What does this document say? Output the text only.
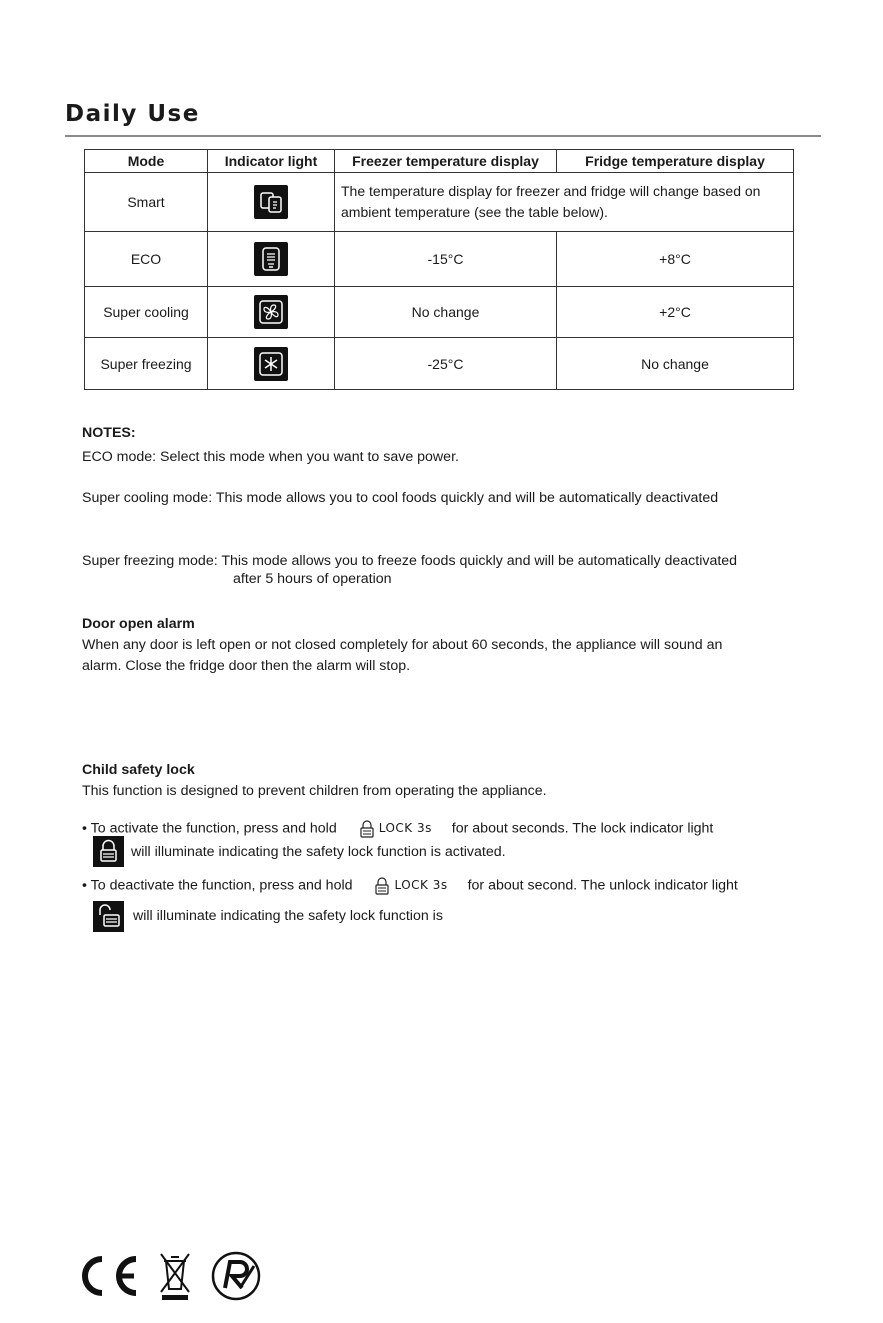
Daily Use
Mode	Indicator light	Freezer temperature display	Fridge temperature display
Smart		The temperature display for freezer and fridge will change based on ambient temperature (see the table below).	
ECO		-15°C	+8°C
Super cooling		No change	+2°C
Super freezing		-25°C	No change

NOTES:

ECO mode: Select this mode when you want to save power.

Super cooling mode: This mode allows you to cool foods quickly and will be automatically deactivated

Super freezing mode: This mode allows you to freeze foods quickly and will be automatically deactivated

after 5 hours of operation

Door open alarm

When any door is left open or not closed completely for about 60 seconds, the appliance will sound an

alarm. Close the fridge door then the alarm will stop.

Child safety lock

This function is designed to prevent children from operating the appliance.

• To activate the function, press and hold	LOCK 3s for about seconds. The lock indicator light

will illuminate indicating the safety lock function is activated.

• To deactivate the function, press and hold	LOCK 3s for about second. The unlock indicator light

will illuminate indicating the safety lock function is
